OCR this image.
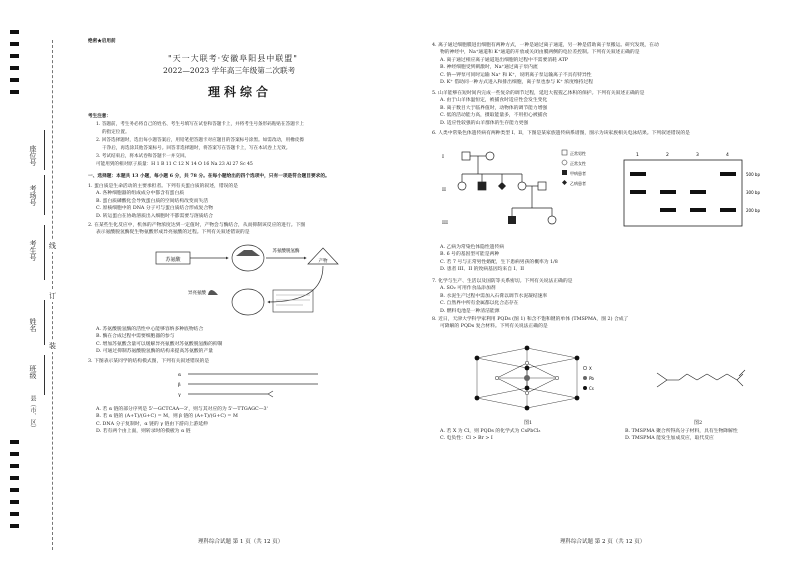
座位号
考场号
考生号
姓名
班级
县（市、区）
线
订
装
绝密★启用前
"天一大联考·安徽阜阳县中联盟"
2022—2023 学年高三年级第二次联考
理科综合
考生注意：
1. 答题前，考生务必将自己的姓名、考生号填写在试卷和答题卡上，并将考生号条形码粘贴在答题卡上
的指定位置。
2. 回答选择题时，选出每小题答案后，用铅笔把答题卡对应题目的答案标号涂黑。如需改动，用橡皮擦
干净后，再选涂其他答案标号。回答非选择题时，将答案写在答题卡上，写在本试卷上无效。
3. 考试结束后，将本试卷和答题卡一并交回。
可能用到的相对原子质量：H 1 B 11 C 12 N 14 O 16 Na 23 Al 27 Sc 45
一、选择题：本题共 13 小题，每小题 6 分，共 78 分。在每小题给出的四个选项中，只有一项是符合题目要求的。
1. 蛋白质是生命活动的主要承担者。下列有关蛋白质的叙述，错误的是
A. 各种细胞器的组成成分中都含有蛋白质
B. 蛋白质磷酸化会导致蛋白质的空间结构改变而失活
C. 原核细胞中的 DNA 分子可与蛋白质结合形成复合物
D. 转运蛋白在协助溶质出入细胞时不都需要与溶质结合
2. 在某些生化反应中，机体的产物浓度达到一定值时，产物会与酶结合，从而抑制该反应的进行。下图
表示氨酸脱氢酶促生物氨酸形成异亮氨酸的过程。下列有关叙述错误的是
苏氨酸
苏氨酸脱氢酶
产物
异亮氨酸
A. 苏氨酸脱氢酶的活性中心能够容纳多种底物结合
B. 酶在合成过程中需要细胞器的参与
C. 增加苏氨酸含量可以缓解异亮氨酸对苏氨酸脱氢酶的抑制
D. 可通过抑制苏氨酸脱氢酶的结构来提高苏氨酸的产量
3. 下图表示某同学的结构模式图，下列有关叙述错误的是
α
β
γ
A. 若 α 链的部分序列是 5'—GCTCAA—3'，则与其对应的为 5'—TTGAGC—3'
B. 若 α 链的 (A+T)/(G+C) = M，则 β 链的 (A+T)/(G+C) = M
C. DNA 分子复制时，α 链的 γ 链由下游向上游延伸
D. 若有两个由上面，则转录时的模板为 α 链
4. 离子通过细胞膜进出细胞有两种方式，一种是通过离子通道，另一种是借助离子泵搬运。研究发现，在动
物的神经中，Na⁺通道和 K⁺通道的开放或关闭由膜两侧的电位差控制。下列有关叙述正确的是
A. 离子通过相应离子通道进出细胞的过程中不需要消耗 ATP
B. 神经细胞受到刺激时，Na⁺通过离子泵内流
C. 钠—钾泵可同时运输 Na⁺ 和 K⁺，说明离子泵运输离子不具有特异性
D. K⁺ 借助同一种方式进入和排出细胞，离子泵也参与 K⁺ 浓度维持过程
5. 山羊能够在短时间内完成一些复杂的调节过程，延迟大猩猩乙体积的保护。下列有关叙述正确的是
A. 由于山羊体温恒定，被捕食时适应性会发生变化
B. 离子数目大于临界值时，动物体的调节能力增强
C. 低的活动能力高，摄取能量多，不用担心被捕食
D. 适应性较强的山羊群体的生存能力更强
6. 人类中常染色体遗传病有两种类型 I、II，下图是某家族遗传病系谱图，图示为该家族相关电泳结果。下列叙述错误的是
I
II
III
正常男性
正常女性
甲病患者
乙病患者
1	2	3	4
500 bp
300 bp
200 bp
A. 乙病为常染色体隐性遗传病
B. 6 号的基因型可能是两种
C. 若 7 号与正常男性婚配，生下患病男孩的概率为 1/8
D. 患者 III、II 的致病基因均来自 I、II
7. 化学与生产、生活以及国防等关系密切。下列有关说法正确的是
A. SO₂ 可用作食品添加剂
B. 水泥生产过程中需加入石膏以调节水泥凝结速率
C. 自然界中所有金属都以化合态存在
D. 燃料电池是一种清洁能源
8. 近日，天津大学科学家利用 PQDs (图 1) 和含不饱和键的单体 (TMSPMA，图 2) 合成了
可降解的 PQDs 复合材料。下列有关说法正确的是
X
Pb
Cs
图1	图2
A. 若 X 为 Cl，则 PQDs 的化学式为 CsPbCl₃
C. 电负性：Cl > Br > I
B. TMSPMA 聚合所得高分子材料，具有生物降解性
D. TMSPMA 能发生加成反应，取代反应
理科综合试题 第 1 页（共 12 页）	理科综合试题 第 2 页（共 12 页）
